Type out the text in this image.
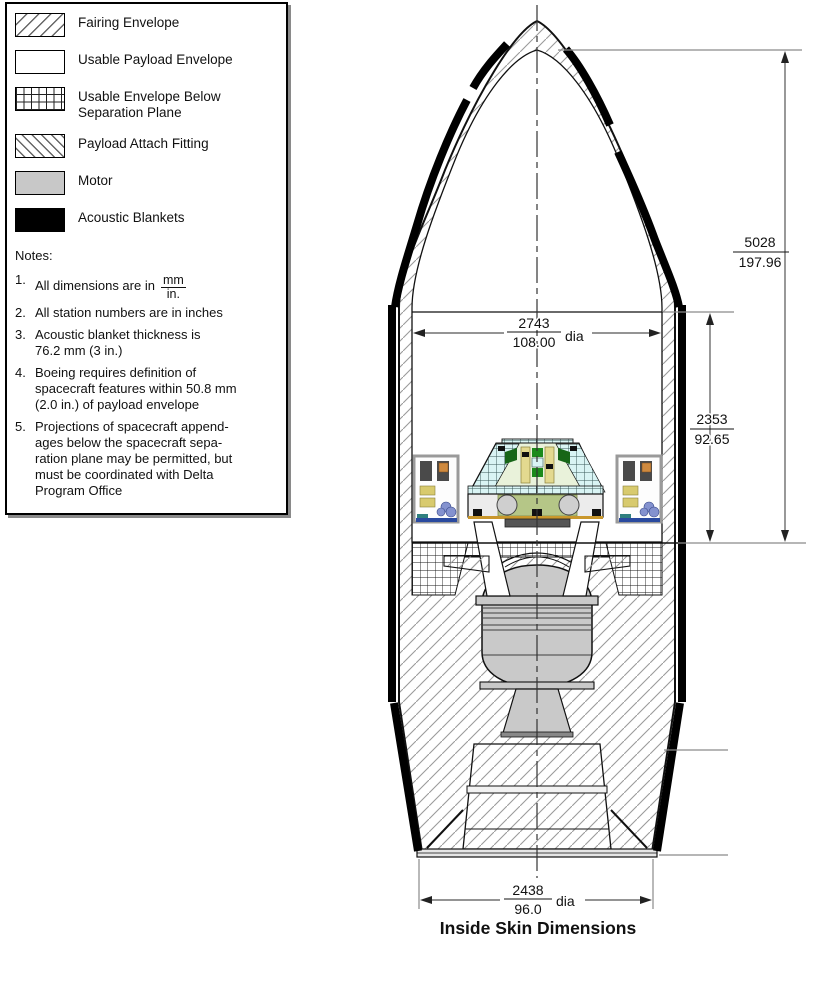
Fairing Envelope
Usable Payload Envelope
Usable Envelope Below
Separation Plane
Payload Attach Fitting
Motor
Acoustic Blankets
Notes:
1. All dimensions are in $\frac{mm}{in.}$
2. All station numbers are in inches
3. Acoustic blanket thickness is
76.2 mm (3 in.)
4. Boeing requires definition of
spacecraft features within 50.8 mm
(2.0 in.) of payload envelope
5. Projections of spacecraft append-
ages below the spacecraft sepa-
ration plane may be permitted, but
must be coordinated with Delta
Program Office
5028
197.96
2353
92.65
2743
108.00 dia
2438
96.0 dia
Inside Skin Dimensions
